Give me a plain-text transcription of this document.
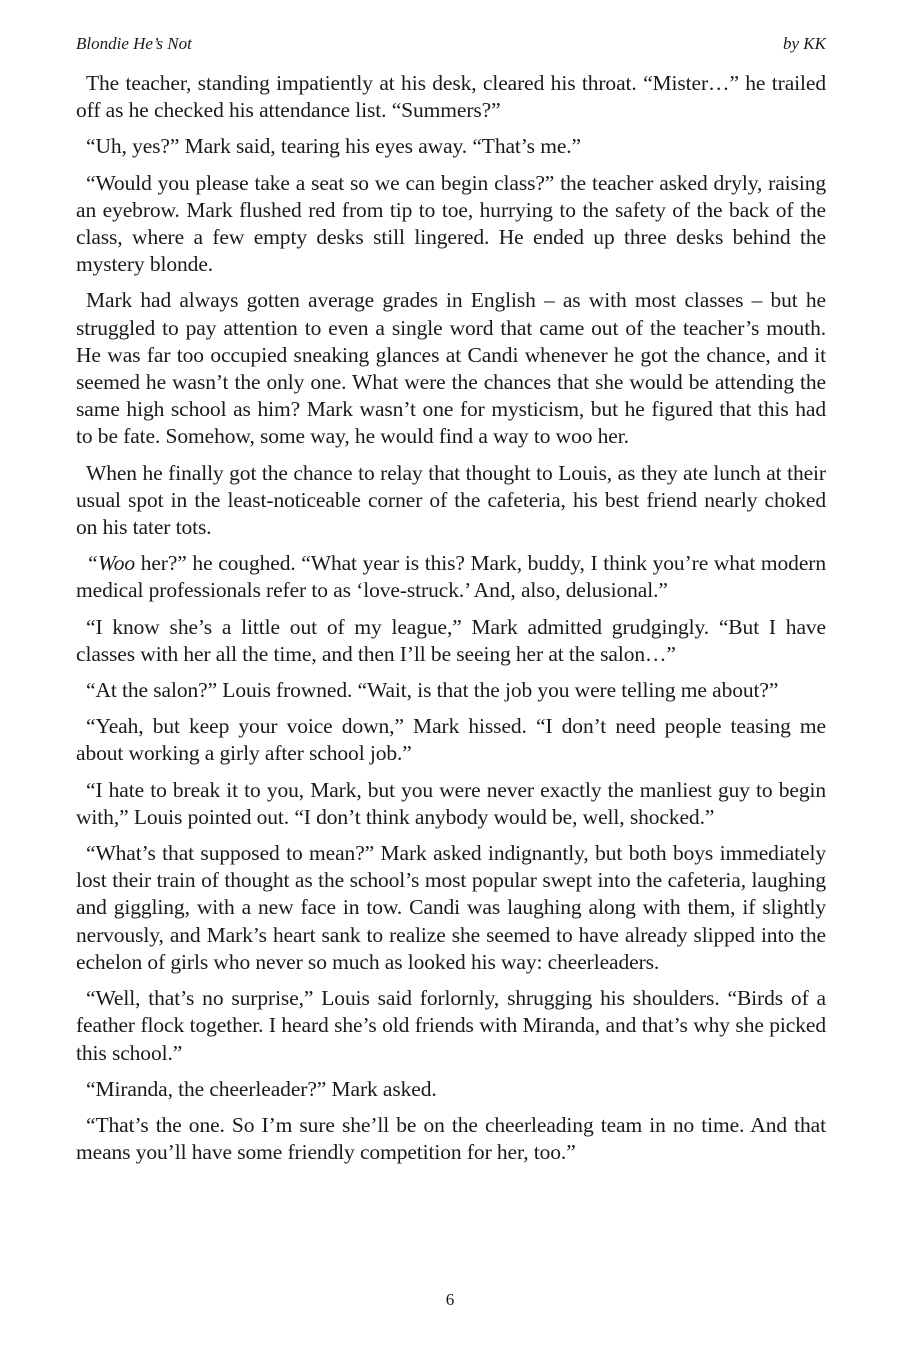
Blondie He’s Not	by KK

The teacher, standing impatiently at his desk, cleared his throat. “Mister…” he trailed off as he checked his attendance list. “Summers?”

“Uh, yes?” Mark said, tearing his eyes away. “That’s me.”

“Would you please take a seat so we can begin class?” the teacher asked dryly, raising an eyebrow. Mark flushed red from tip to toe, hurrying to the safety of the back of the class, where a few empty desks still lingered. He ended up three desks behind the mystery blonde.

Mark had always gotten average grades in English – as with most classes – but he struggled to pay attention to even a single word that came out of the teacher’s mouth. He was far too occupied sneaking glances at Candi whenever he got the chance, and it seemed he wasn’t the only one. What were the chances that she would be attending the same high school as him? Mark wasn’t one for mysticism, but he figured that this had to be fate. Somehow, some way, he would find a way to woo her.

When he finally got the chance to relay that thought to Louis, as they ate lunch at their usual spot in the least-noticeable corner of the cafeteria, his best friend nearly choked on his tater tots.

“Woo her?” he coughed. “What year is this? Mark, buddy, I think you’re what modern medical professionals refer to as ‘love-struck.’ And, also, delusional.”

“I know she’s a little out of my league,” Mark admitted grudgingly. “But I have classes with her all the time, and then I’ll be seeing her at the salon…”

“At the salon?” Louis frowned. “Wait, is that the job you were telling me about?”

“Yeah, but keep your voice down,” Mark hissed. “I don’t need people teasing me about working a girly after school job.”

“I hate to break it to you, Mark, but you were never exactly the manliest guy to begin with,” Louis pointed out. “I don’t think anybody would be, well, shocked.”

“What’s that supposed to mean?” Mark asked indignantly, but both boys immediately lost their train of thought as the school’s most popular swept into the cafeteria, laughing and giggling, with a new face in tow. Candi was laughing along with them, if slightly nervously, and Mark’s heart sank to realize she seemed to have already slipped into the echelon of girls who never so much as looked his way: cheerleaders.

“Well, that’s no surprise,” Louis said forlornly, shrugging his shoulders. “Birds of a feather flock together. I heard she’s old friends with Miranda, and that’s why she picked this school.”

“Miranda, the cheerleader?” Mark asked.

“That’s the one. So I’m sure she’ll be on the cheerleading team in no time. And that means you’ll have some friendly competition for her, too.”

6
